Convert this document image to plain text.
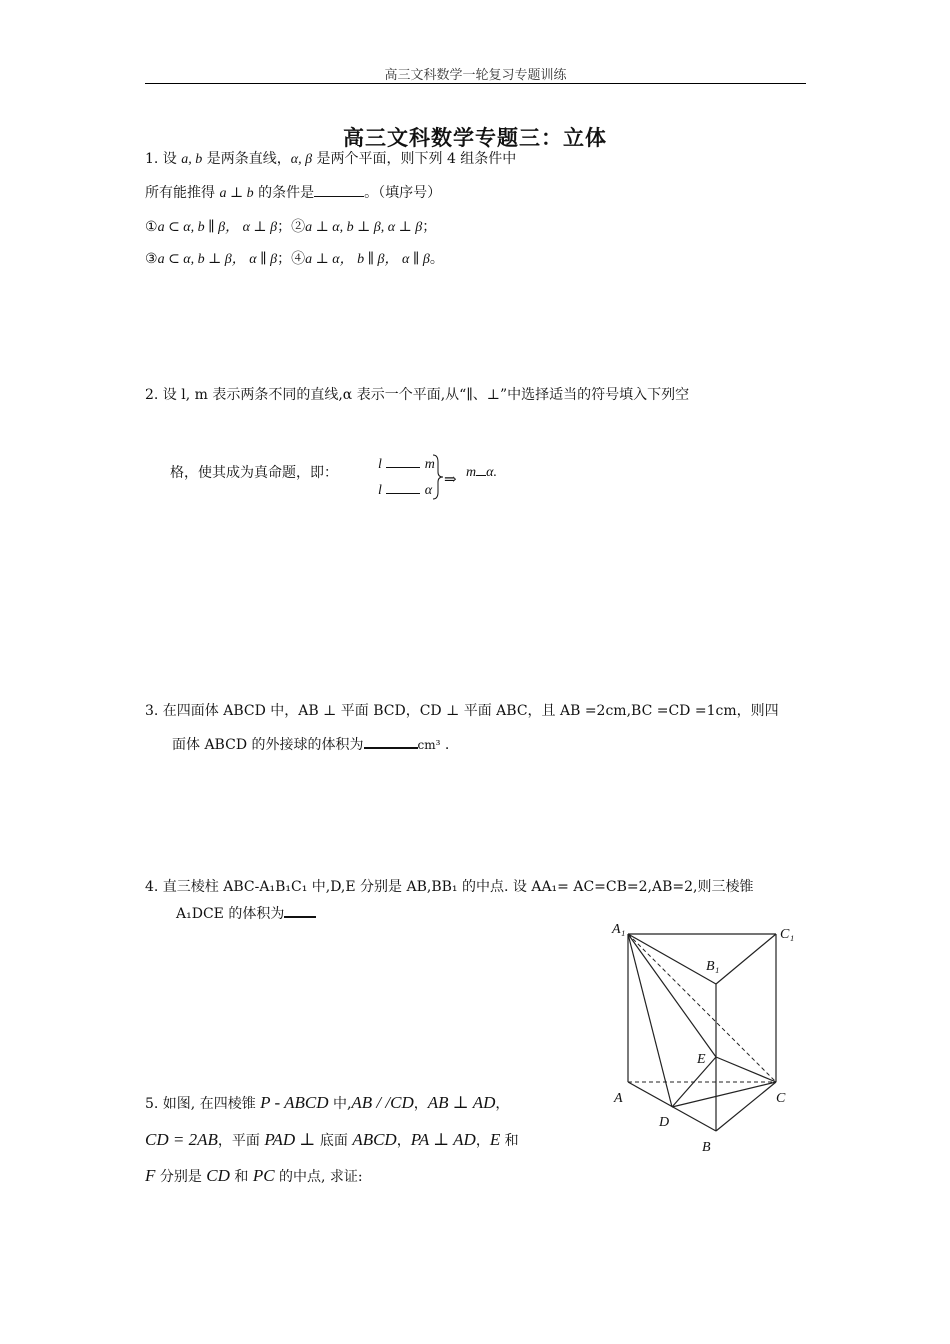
高三文科数学一轮复习专题训练
高三文科数学专题三：立体
1. 设 a, b 是两条直线，α, β 是两个平面，则下列 4 组条件中
所有能推得 a ⊥ b 的条件是	。（填序号）
①a ⊂ α, b ∥ β， α ⊥ β；②a ⊥ α, b ⊥ β, α ⊥ β；
③a ⊂ α, b ⊥ β， α ∥ β；④a ⊥ α， b ∥ β， α ∥ β。
2. 设 l, m 表示两条不同的直线,α 表示一个平面,从“∥、⊥”中选择适当的符号填入下列空
格，使其成为真命题，即：
l	m
l	α
⇒ m α.
3. 在四面体 ABCD 中，AB ⊥ 平面 BCD，CD ⊥ 平面 ABC，且 AB =2cm,BC =CD =1cm，则四
面体 ABCD 的外接球的体积为	cm³ .
4. 直三棱柱 ABC-A₁B₁C₁ 中,D,E 分别是 AB,BB₁ 的中点. 设 AA₁= AC=CB=2,AB=2,则三棱锥
A₁DCE 的体积为
5. 如图, 在四棱锥 P - ABCD 中,AB / /CD，AB ⊥ AD，
CD = 2AB，平面 PAD ⊥ 底面 ABCD，PA ⊥ AD，E 和
F 分别是 CD 和 PC 的中点, 求证:
A₁
B₁
C₁
A
B
C
D
E
